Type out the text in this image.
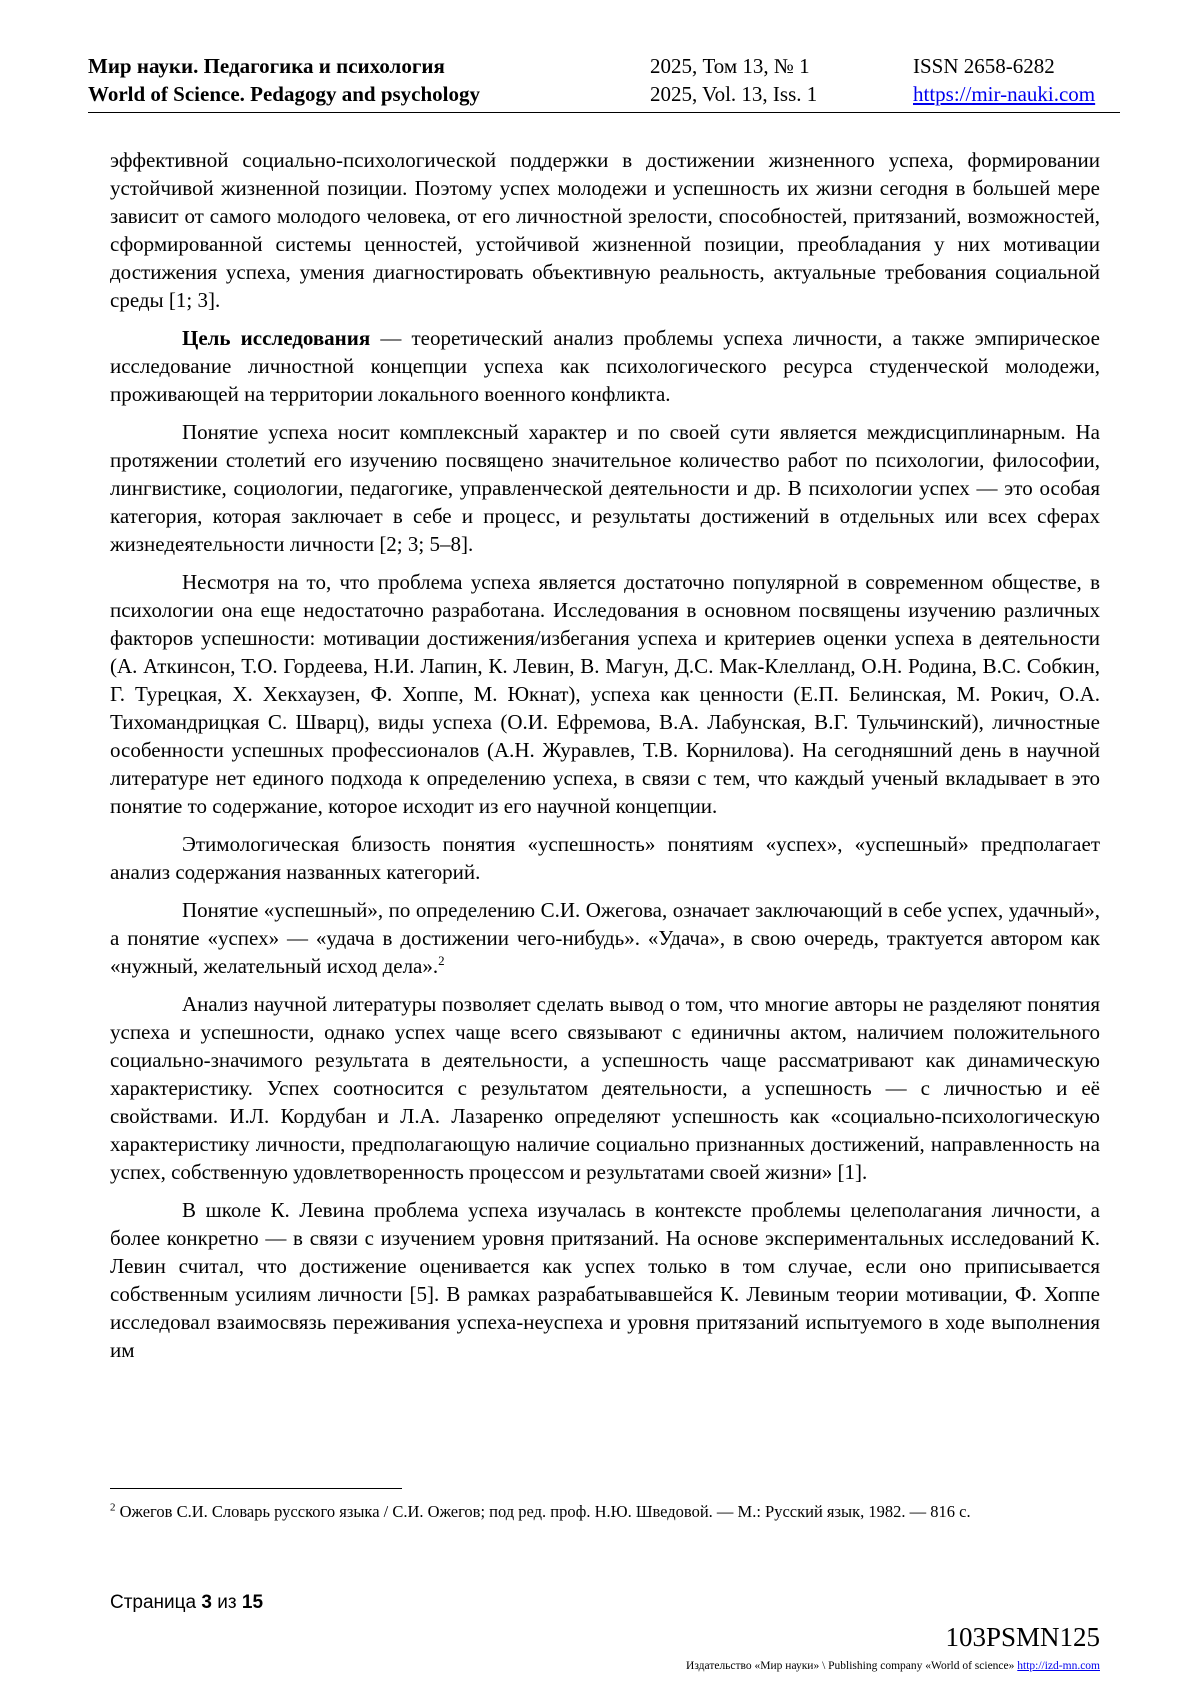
Мир науки. Педагогика и психология
World of Science. Pedagogy and psychology
2025, Том 13, № 1
2025, Vol. 13, Iss. 1
ISSN 2658-6282
https://mir-nauki.com

эффективной социально-психологической поддержки в достижении жизненного успеха, формировании устойчивой жизненной позиции. Поэтому успех молодежи и успешность их жизни сегодня в большей мере зависит от самого молодого человека, от его личностной зрелости, способностей, притязаний, возможностей, сформированной системы ценностей, устойчивой жизненной позиции, преобладания у них мотивации достижения успеха, умения диагностировать объективную реальность, актуальные требования социальной среды [1; 3].

Цель исследования — теоретический анализ проблемы успеха личности, а также эмпирическое исследование личностной концепции успеха как психологического ресурса студенческой молодежи, проживающей на территории локального военного конфликта.

Понятие успеха носит комплексный характер и по своей сути является междисциплинарным. На протяжении столетий его изучению посвящено значительное количество работ по психологии, философии, лингвистике, социологии, педагогике, управленческой деятельности и др. В психологии успех — это особая категория, которая заключает в себе и процесс, и результаты достижений в отдельных или всех сферах жизнедеятельности личности [2; 3; 5–8].

Несмотря на то, что проблема успеха является достаточно популярной в современном обществе, в психологии она еще недостаточно разработана. Исследования в основном посвящены изучению различных факторов успешности: мотивации достижения/избегания успеха и критериев оценки успеха в деятельности (А. Аткинсон, Т.О. Гордеева, Н.И. Лапин, К. Левин, В. Магун, Д.С. Мак-Клелланд, О.Н. Родина, В.С. Собкин, Г. Турецкая, Х. Хекхаузен, Ф. Хоппе, М. Юкнат), успеха как ценности (Е.П. Белинская, М. Рокич, О.А. Тихомандрицкая С. Шварц), виды успеха (О.И. Ефремова, В.А. Лабунская, В.Г. Тульчинский), личностные особенности успешных профессионалов (А.Н. Журавлев, Т.В. Корнилова). На сегодняшний день в научной литературе нет единого подхода к определению успеха, в связи с тем, что каждый ученый вкладывает в это понятие то содержание, которое исходит из его научной концепции.

Этимологическая близость понятия «успешность» понятиям «успех», «успешный» предполагает анализ содержания названных категорий.

Понятие «успешный», по определению С.И. Ожегова, означает заключающий в себе успех, удачный», а понятие «успех» — «удача в достижении чего-нибудь». «Удача», в свою очередь, трактуется автором как «нужный, желательный исход дела».$^2$

Анализ научной литературы позволяет сделать вывод о том, что многие авторы не разделяют понятия успеха и успешности, однако успех чаще всего связывают с единичны актом, наличием положительного социально-значимого результата в деятельности, а успешность чаще рассматривают как динамическую характеристику. Успех соотносится с результатом деятельности, а успешность — с личностью и её свойствами. И.Л. Кордубан и Л.А. Лазаренко определяют успешность как «социально-психологическую характеристику личности, предполагающую наличие социально признанных достижений, направленность на успех, собственную удовлетворенность процессом и результатами своей жизни» [1].

В школе К. Левина проблема успеха изучалась в контексте проблемы целеполагания личности, а более конкретно — в связи с изучением уровня притязаний. На основе экспериментальных исследований К. Левин считал, что достижение оценивается как успех только в том случае, если оно приписывается собственным усилиям личности [5]. В рамках разрабатывавшейся К. Левиным теории мотивации, Ф. Хоппе исследовал взаимосвязь переживания успеха-неуспеха и уровня притязаний испытуемого в ходе выполнения им

$^2$ Ожегов С.И. Словарь русского языка / С.И. Ожегов; под ред. проф. Н.Ю. Шведовой. — М.: Русский язык, 1982. — 816 с.
Страница 3 из 15
103PSMN125
Издательство «Мир науки» \ Publishing company «World of science» http://izd-mn.com
